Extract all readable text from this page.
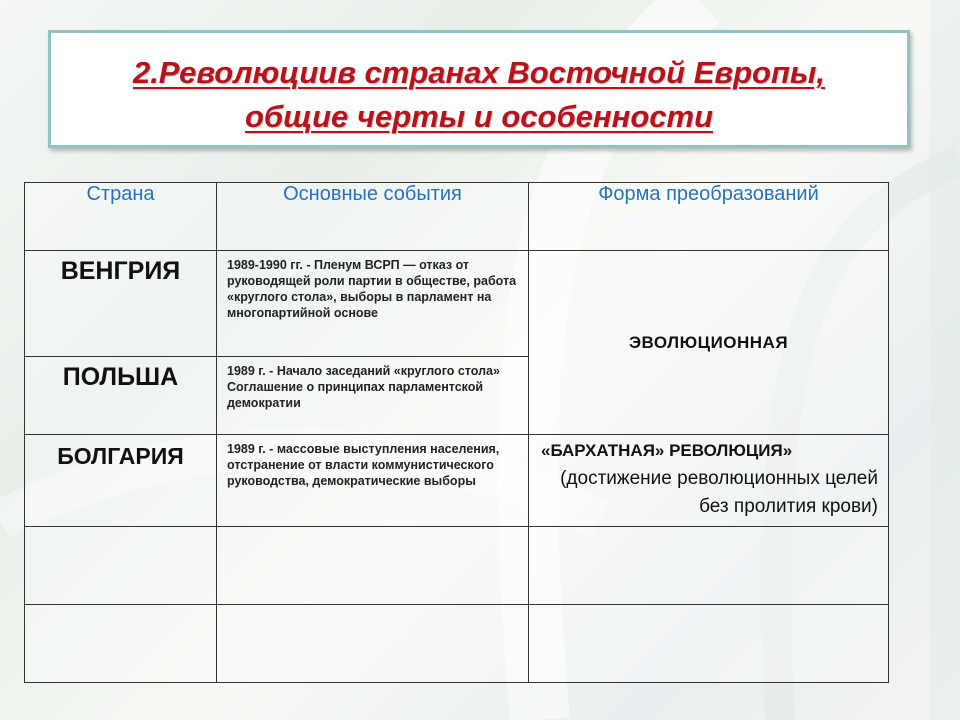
2.Революциив странах Восточной Европы,
общие черты и особенности
Страна	Основные события	Форма преобразований
ВЕНГРИЯ	1989-1990 гг. - Пленум ВСРП — отказ от руководящей роли партии в обществе, работа «круглого стола», выборы в парламент на многопартийной основе	ЭВОЛЮЦИОННАЯ
ПОЛЬША	1989 г. - Начало заседаний «круглого стола» Соглашение о принципах парламентской демократии	
БОЛГАРИЯ	1989 г. - массовые выступления населения, отстранение от власти коммунистического руководства, демократические выборы	«БАРХАТНАЯ» РЕВОЛЮЦИЯ»
(достижение революционных целей без пролития крови)
